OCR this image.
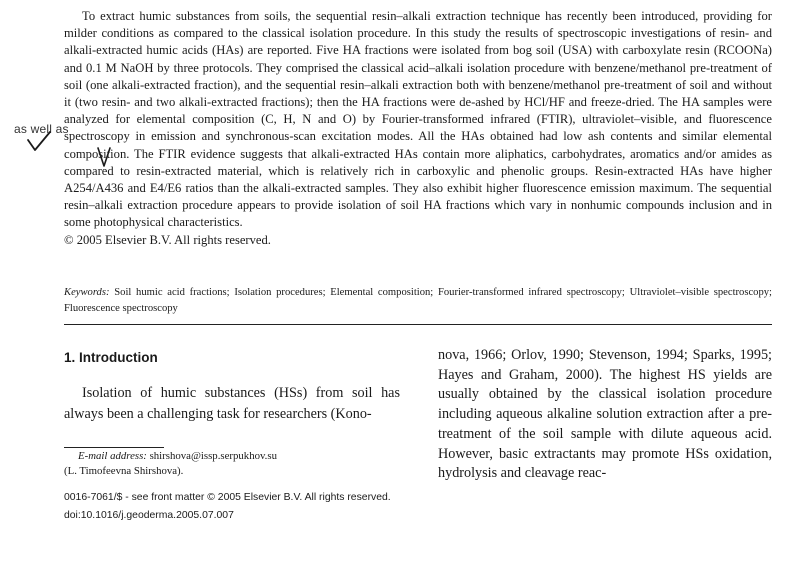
To extract humic substances from soils, the sequential resin–alkali extraction technique has recently been introduced, providing for milder conditions as compared to the classical isolation procedure. In this study the results of spectroscopic investigations of resin- and alkali-extracted humic acids (HAs) are reported. Five HA fractions were isolated from bog soil (USA) with carboxylate resin (RCOONa) and 0.1 M NaOH by three protocols. They comprised the classical acid–alkali isolation procedure with benzene/methanol pre-treatment of soil (one alkali-extracted fraction), and the sequential resin–alkali extraction both with benzene/methanol pre-treatment of soil and without it (two resin- and two alkali-extracted fractions); then the HA fractions were de-ashed by HCl/HF and freeze-dried. The HA samples were analyzed for elemental composition (C, H, N and O) by Fourier-transformed infrared (FTIR), ultraviolet–visible, and fluorescence spectroscopy in emission and synchronous-scan excitation modes. All the HAs obtained had low ash contents and similar elemental composition. The FTIR evidence suggests that alkali-extracted HAs contain more aliphatics, carbohydrates, aromatics and/or amides as compared to resin-extracted material, which is relatively rich in carboxylic and phenolic groups. Resin-extracted HAs have higher A254/A436 and E4/E6 ratios than the alkali-extracted samples. They also exhibit higher fluorescence emission maximum. The sequential resin–alkali extraction procedure appears to provide isolation of soil HA fractions which vary in nonhumic compounds inclusion and in some photophysical characteristics.

© 2005 Elsevier B.V. All rights reserved.

as well as
Keywords: Soil humic acid fractions; Isolation procedures; Elemental composition; Fourier-transformed infrared spectroscopy; Ultraviolet–visible spectroscopy; Fluorescence spectroscopy
1. Introduction

Isolation of humic substances (HSs) from soil has always been a challenging task for researchers (Kono-

nova, 1966; Orlov, 1990; Stevenson, 1994; Sparks, 1995; Hayes and Graham, 2000). The highest HS yields are usually obtained by the classical isolation procedure including aqueous alkaline solution extraction after a pre-treatment of the soil sample with dilute aqueous acid. However, basic extractants may promote HSs oxidation, hydrolysis and cleavage reac-

E-mail address: shirshova@issp.serpukhov.su
(L. Timofeevna Shirshova).
0016-7061/$ - see front matter © 2005 Elsevier B.V. All rights reserved.
doi:10.1016/j.geoderma.2005.07.007
